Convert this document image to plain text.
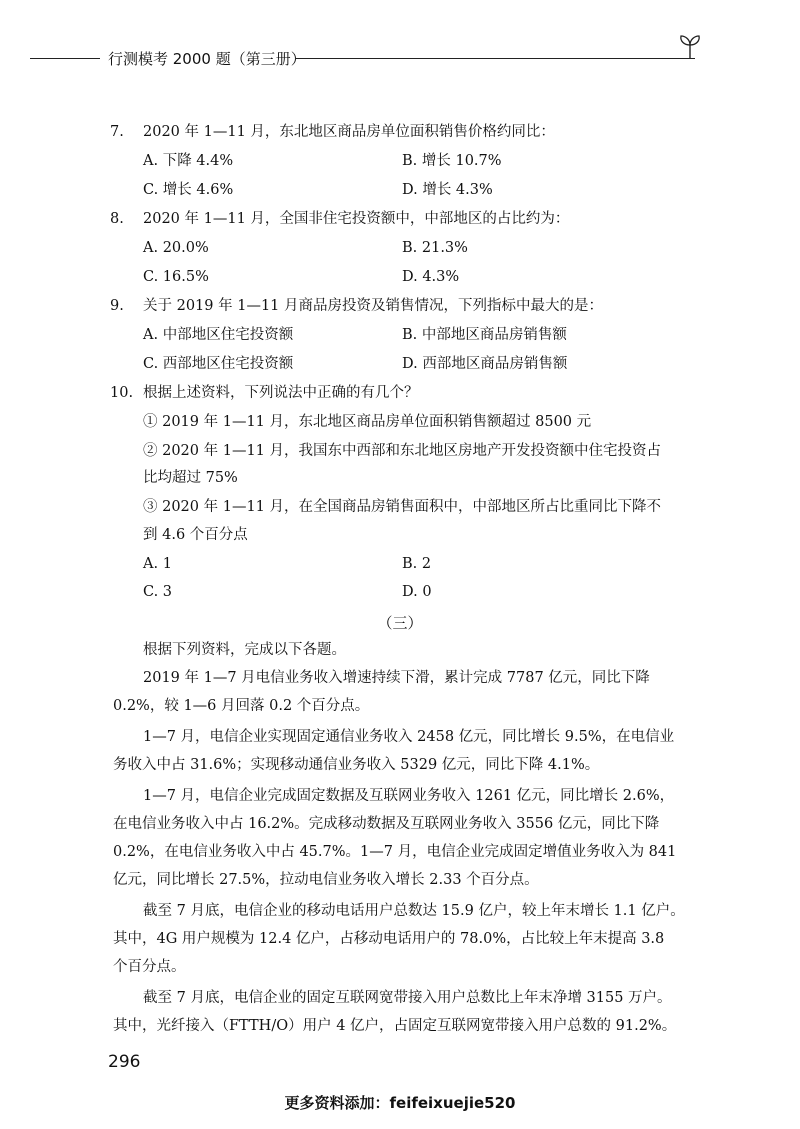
行测模考 2000 题（第三册）
7. 2020 年 1—11 月，东北地区商品房单位面积销售价格约同比：
A. 下降 4.4%	B. 增长 10.7%
C. 增长 4.6%	D. 增长 4.3%
8. 2020 年 1—11 月，全国非住宅投资额中，中部地区的占比约为：
A. 20.0%	B. 21.3%
C. 16.5%	D. 4.3%
9. 关于 2019 年 1—11 月商品房投资及销售情况，下列指标中最大的是：
A. 中部地区住宅投资额	B. 中部地区商品房销售额
C. 西部地区住宅投资额	D. 西部地区商品房销售额
10. 根据上述资料，下列说法中正确的有几个？
① 2019 年 1—11 月，东北地区商品房单位面积销售额超过 8500 元
② 2020 年 1—11 月，我国东中西部和东北地区房地产开发投资额中住宅投资占
比均超过 75%
③ 2020 年 1—11 月，在全国商品房销售面积中，中部地区所占比重同比下降不
到 4.6 个百分点
A. 1	B. 2
C. 3	D. 0
（三）
根据下列资料，完成以下各题。
2019 年 1—7 月电信业务收入增速持续下滑，累计完成 7787 亿元，同比下降
0.2%，较 1—6 月回落 0.2 个百分点。
1—7 月，电信企业实现固定通信业务收入 2458 亿元，同比增长 9.5%，在电信业
务收入中占 31.6%；实现移动通信业务收入 5329 亿元，同比下降 4.1%。
1—7 月，电信企业完成固定数据及互联网业务收入 1261 亿元，同比增长 2.6%，
在电信业务收入中占 16.2%。完成移动数据及互联网业务收入 3556 亿元，同比下降
0.2%，在电信业务收入中占 45.7%。1—7 月，电信企业完成固定增值业务收入为 841
亿元，同比增长 27.5%，拉动电信业务收入增长 2.33 个百分点。
截至 7 月底，电信企业的移动电话用户总数达 15.9 亿户，较上年末增长 1.1 亿户。
其中，4G 用户规模为 12.4 亿户，占移动电话用户的 78.0%，占比较上年末提高 3.8
个百分点。
截至 7 月底，电信企业的固定互联网宽带接入用户总数比上年末净增 3155 万户。
其中，光纤接入（FTTH/O）用户 4 亿户，占固定互联网宽带接入用户总数的 91.2%。
296
更多资料添加：feifeixuejie520
